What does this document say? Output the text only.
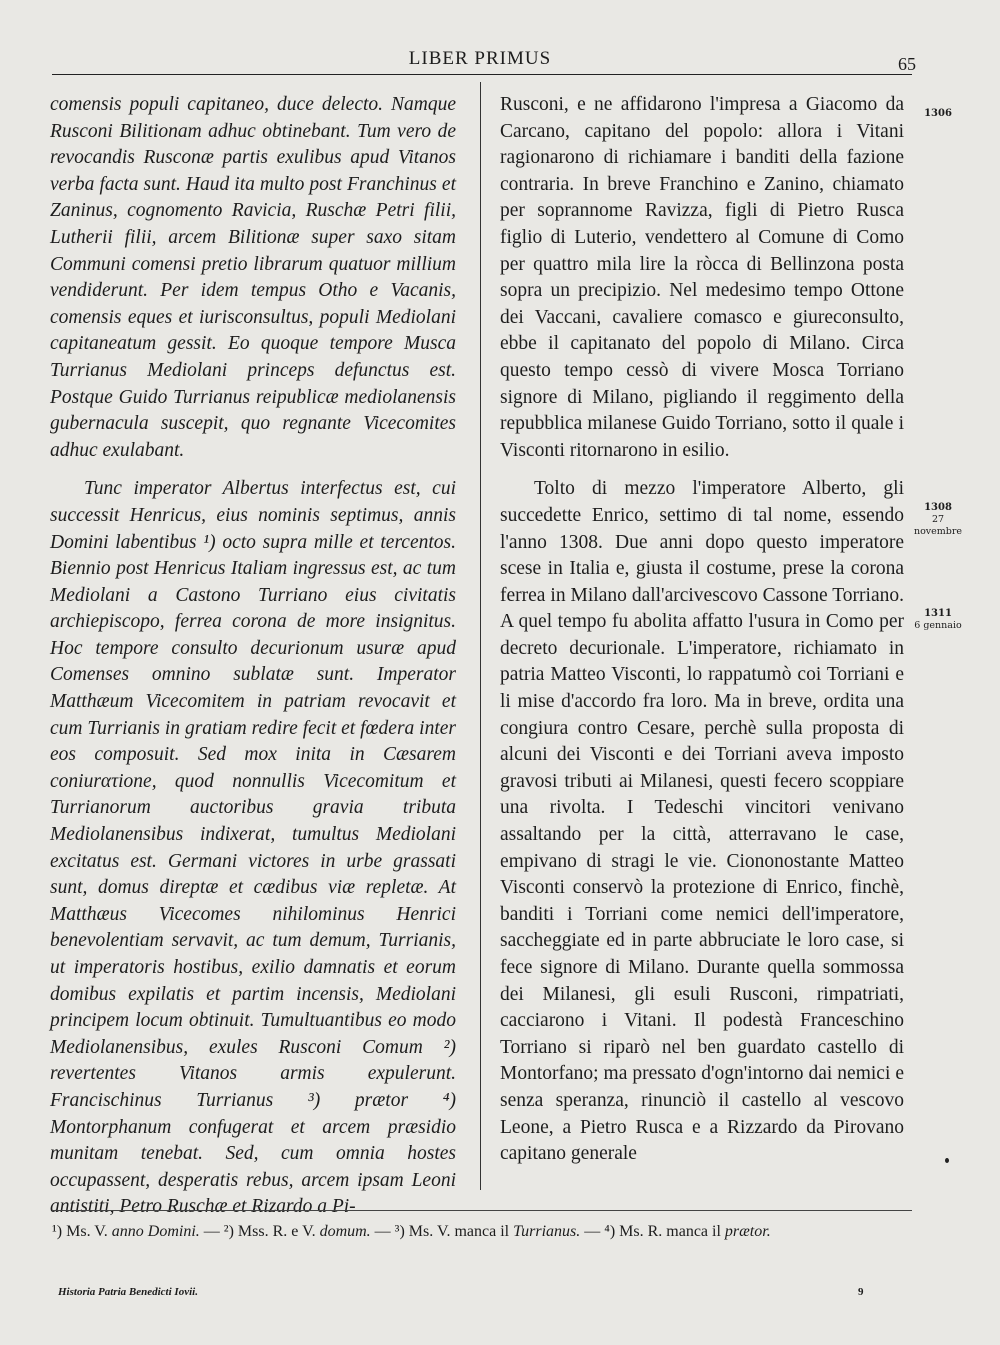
LIBER PRIMUS	65

comensis populi capitaneo, duce delecto. Namque Rusconi Bilitionam adhuc obtinebant. Tum vero de revocandis Rusconæ partis exulibus apud Vitanos verba facta sunt. Haud ita multo post Franchinus et Zaninus, cognomento Ravicia, Ruschæ Petri filii, Lutherii filii, arcem Bilitionæ super saxo sitam Communi comensi pretio librarum quatuor millium vendiderunt. Per idem tempus Otho e Vacanis, comensis eques et iurisconsultus, populi Mediolani capitaneatum gessit. Eo quoque tempore Musca Turrianus Mediolani princeps defunctus est. Postque Guido Turrianus reipublicæ mediolanensis gubernacula suscepit, quo regnante Vicecomites adhuc exulabant.

Tunc imperator Albertus interfectus est, cui successit Henricus, eius nominis septimus, annis Domini labentibus ¹) octo supra mille et tercentos. Biennio post Henricus Italiam ingressus est, ac tum Mediolani a Castono Turriano eius civitatis archiepiscopo, ferrea corona de more insignitus. Hoc tempore consulto decurionum usuræ apud Comenses omnino sublatæ sunt. Imperator Matthæum Vicecomitem in patriam revocavit et cum Turrianis in gratiam redire fecit et fœdera inter eos composuit. Sed mox inita in Cæsarem coniurατione, quod nonnullis Vicecomitum et Turrianorum auctoribus gravia tributa Mediolanensibus indixerat, tumultus Mediolani excitatus est. Germani victores in urbe grassati sunt, domus direptæ et cædibus viæ repletæ. At Matthæus Vicecomes nihilominus Henrici benevolentiam servavit, ac tum demum, Turrianis, ut imperatoris hostibus, exilio damnatis et eorum domibus expilatis et partim incensis, Mediolani principem locum obtinuit. Tumultuantibus eo modo Mediolanensibus, exules Rusconi Comum ²) revertentes Vitanos armis expulerunt. Francischinus Turrianus ³) prætor ⁴) Montorphanum confugerat et arcem præsidio munitam tenebat. Sed, cum omnia hostes occupassent, desperatis rebus, arcem ipsam Leoni antistiti, Petro Ruschæ et Rizardo a Pi-

Rusconi, e ne affidarono l'impresa a Giacomo da Carcano, capitano del popolo: allora i Vitani ragionarono di richiamare i banditi della fazione contraria. In breve Franchino e Zanino, chiamato per soprannome Ravizza, figli di Pietro Rusca figlio di Luterio, vendettero al Comune di Como per quattro mila lire la ròcca di Bellinzona posta sopra un precipizio. Nel medesimo tempo Ottone dei Vaccani, cavaliere comasco e giureconsulto, ebbe il capitanato del popolo di Milano. Circa questo tempo cessò di vivere Mosca Torriano signore di Milano, pigliando il reggimento della repubblica milanese Guido Torriano, sotto il quale i Visconti ritornarono in esilio.

Tolto di mezzo l'imperatore Alberto, gli succedette Enrico, settimo di tal nome, essendo l'anno 1308. Due anni dopo questo imperatore scese in Italia e, giusta il costume, prese la corona ferrea in Milano dall'arcivescovo Cassone Torriano. A quel tempo fu abolita affatto l'usura in Como per decreto decurionale. L'imperatore, richiamato in patria Matteo Visconti, lo rappatumò coi Torriani e li mise d'accordo fra loro. Ma in breve, ordita una congiura contro Cesare, perchè sulla proposta di alcuni dei Visconti e dei Torriani aveva imposto gravosi tributi ai Milanesi, questi fecero scoppiare una rivolta. I Tedeschi vincitori venivano assaltando per la città, atterravano le case, empivano di stragi le vie. Ciononostante Matteo Visconti conservò la protezione di Enrico, finchè, banditi i Torriani come nemici dell'imperatore, saccheggiate ed in parte abbruciate le loro case, si fece signore di Milano. Durante quella sommossa dei Milanesi, gli esuli Rusconi, rimpatriati, cacciarono i Vitani. Il podestà Franceschino Torriano si riparò nel ben guardato castello di Montorfano; ma pressato d'ogn'intorno dai nemici e senza speranza, rinunciò il castello al vescovo Leone, a Pietro Rusca e a Rizzardo da Pirovano capitano generale

1306
1308
27 novembre
1311
6 gennaio
¹) Ms. V. anno Domini. — ²) Mss. R. e V. domum. — ³) Ms. V. manca il Turrianus. — ⁴) Ms. R. manca il prætor.
Historia Patria Benedicti Iovii.	9
